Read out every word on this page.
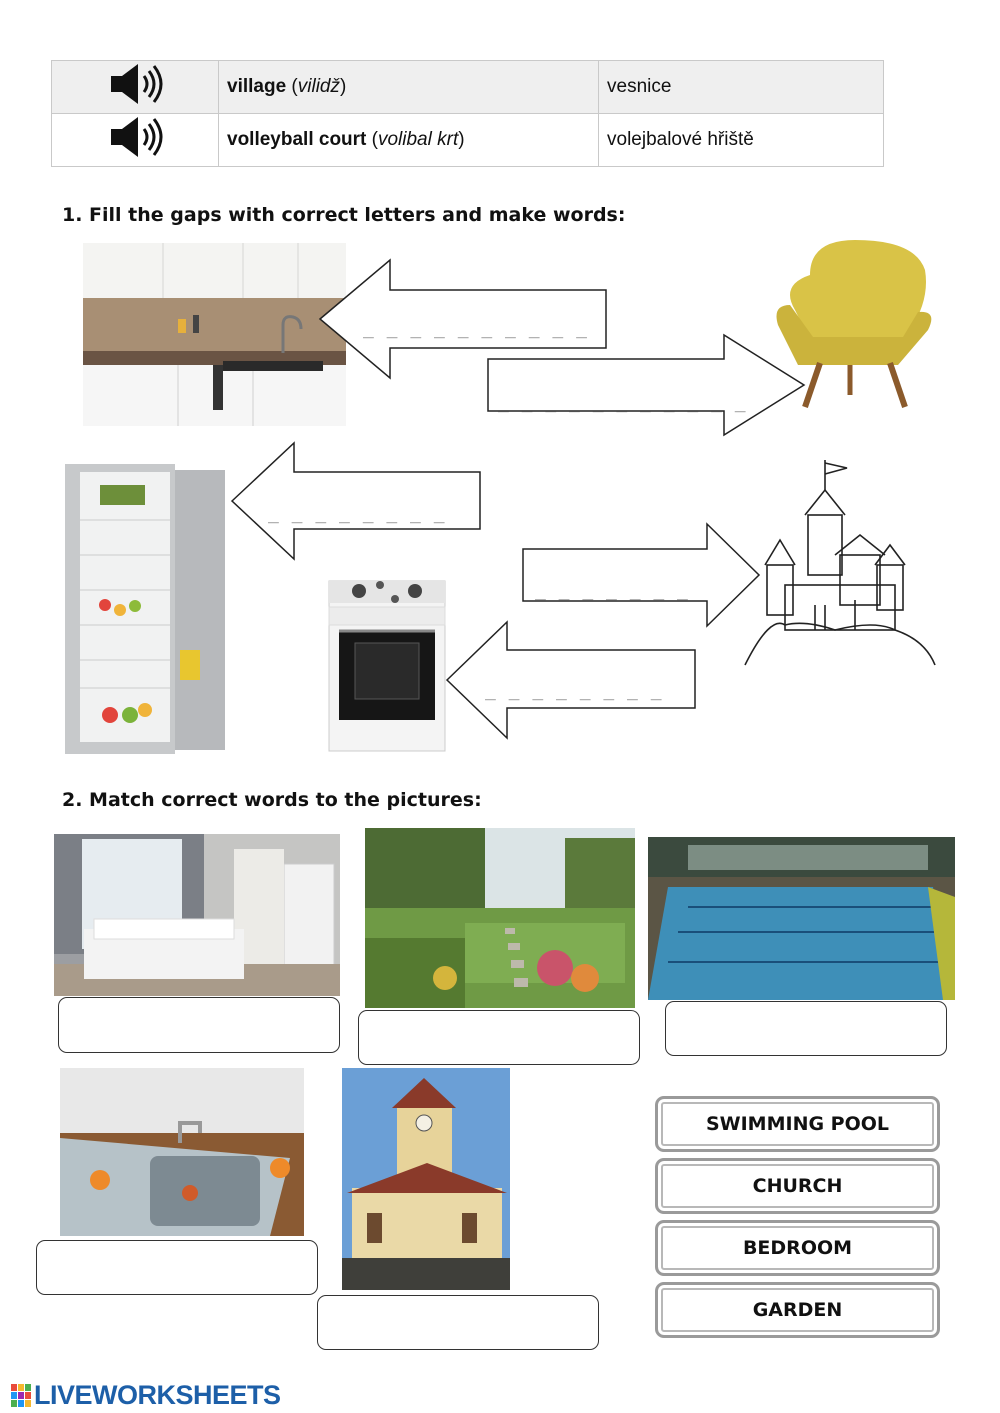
	village (vilidž)	vesnice
	volleyball court (volibal krt)	volejbalové hřiště
1. Fill the gaps with correct letters and make words:
_ _ _ _ _ _ _ _ _ _
_ _ _ _ _ _ _ _ _ _ _
_ _ _ _ _ _ _ _
_ _ _ _ _ _ _
_ _ _ _ _ _ _ _
2. Match correct words to the pictures:
SWIMMING POOL
CHURCH
BEDROOM
GARDEN
LIVEWORKSHEETS
